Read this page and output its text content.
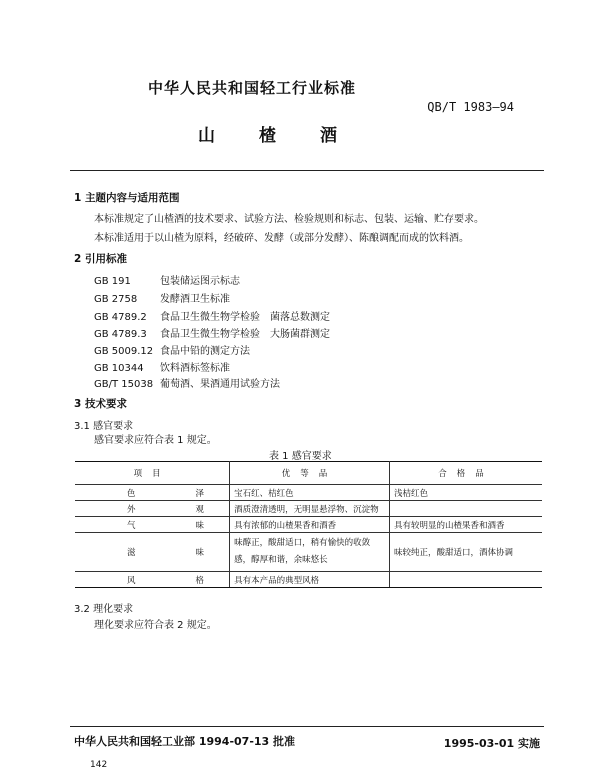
中华人民共和国轻工行业标准
QB/T 1983—94
山	楂	酒
1 主题内容与适用范围
本标准规定了山楂酒的技术要求、试验方法、检验规则和标志、包装、运输、贮存要求。
本标准适用于以山楂为原料，经破碎、发酵（或部分发酵）、陈酿调配而成的饮料酒。
2 引用标准
GB 191	包装储运图示标志
GB 2758 发酵酒卫生标准
GB 4789.2 食品卫生微生物学检验　菌落总数测定
GB 4789.3 食品卫生微生物学检验　大肠菌群测定
GB 5009.12 食品中铅的测定方法
GB 10344 饮料酒标签标准
GB/T 15038 葡萄酒、果酒通用试验方法
3 技术要求
3.1 感官要求
感官要求应符合表 1 规定。
表 1 感官要求
项目	优等品	合格品
色 泽	宝石红、桔红色	浅桔红色
外 观	酒质澄清透明，无明显悬浮物、沉淀物	
气 味	具有浓郁的山楂果香和酒香	具有较明显的山楂果香和酒香
滋 味	味醇正，酸甜适口，稍有愉快的收敛感，醇厚和谐，余味悠长	味较纯正，酸甜适口，酒体协调
风 格	具有本产品的典型风格	
3.2 理化要求
理化要求应符合表 2 规定。
中华人民共和国轻工业部 1994-07-13 批准	1995-03-01 实施
142
